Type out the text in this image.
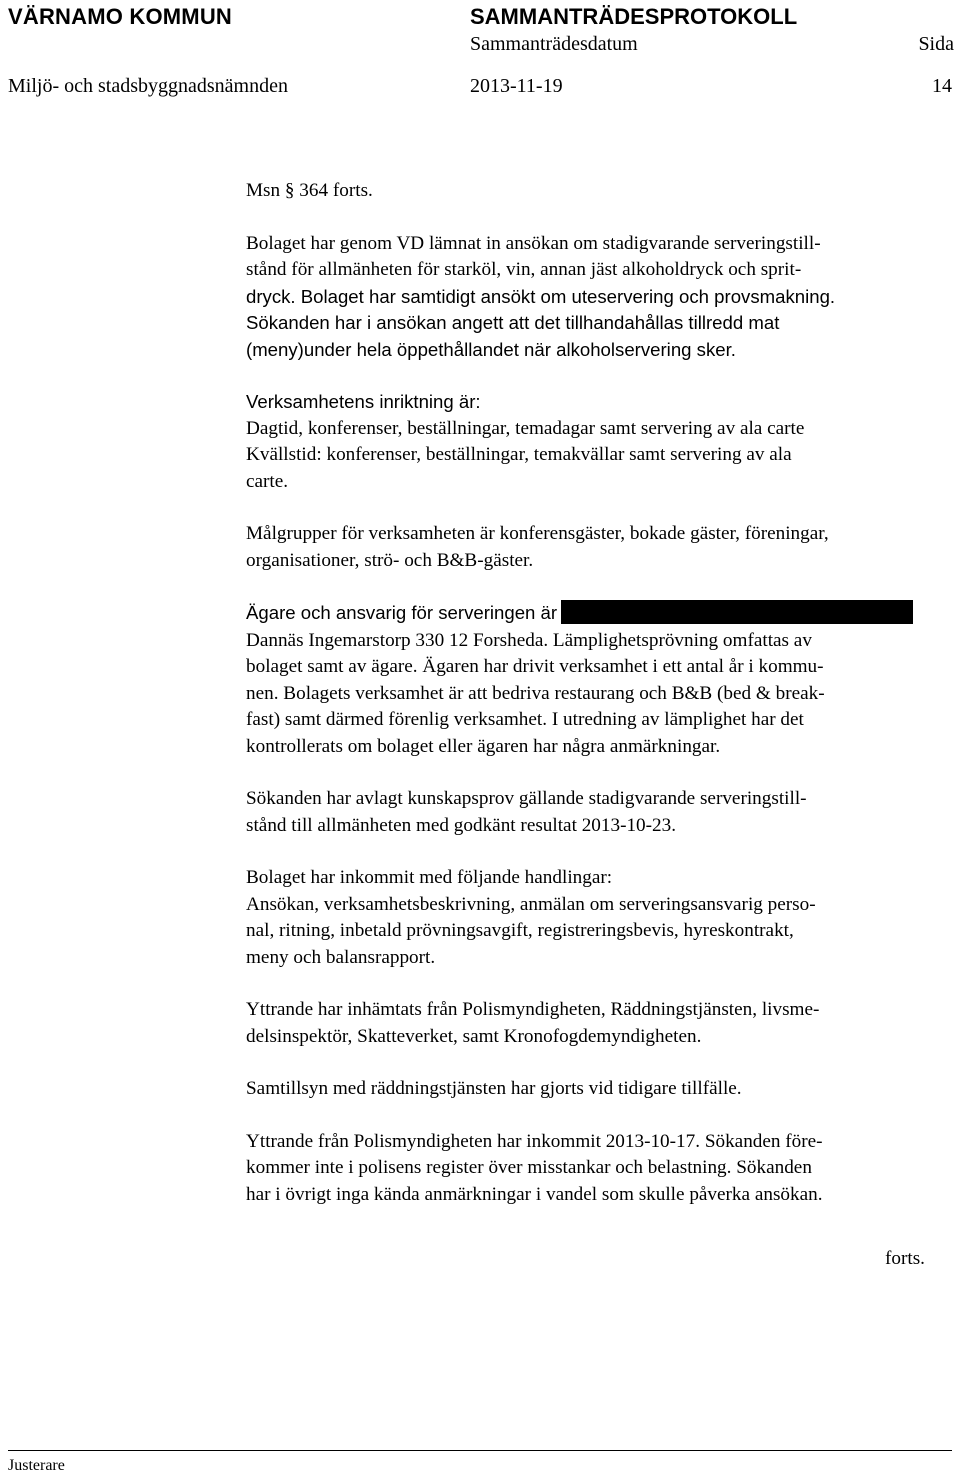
VÄRNAMO KOMMUN	SAMMANTRÄDESPROTOKOLL
Sammanträdesdatum	Sida
Miljö- och stadsbyggnadsnämnden	2013-11-19	14

Msn § 364 forts.

Bolaget har genom VD lämnat in ansökan om stadigvarande serveringstill-
stånd för allmänheten för starköl, vin, annan jäst alkoholdryck och sprit-
dryck. Bolaget har samtidigt ansökt om uteservering och provsmakning.
Sökanden har i ansökan angett att det tillhandahållas tillredd mat
(meny)under hela öppethållandet när alkoholservering sker.

Verksamhetens inriktning är:
Dagtid, konferenser, beställningar, temadagar samt servering av ala carte
Kvällstid: konferenser, beställningar, temakvällar samt servering av ala
carte.

Målgrupper för verksamheten är konferensgäster, bokade gäster, föreningar,
organisationer, strö- och B&B-gäster.

Ägare och ansvarig för serveringen är
Dannäs Ingemarstorp 330 12 Forsheda. Lämplighetsprövning omfattas av
bolaget samt av ägare. Ägaren har drivit verksamhet i ett antal år i kommu-
nen. Bolagets verksamhet är att bedriva restaurang och B&B (bed & break-
fast) samt därmed förenlig verksamhet. I utredning av lämplighet har det
kontrollerats om bolaget eller ägaren har några anmärkningar.

Sökanden har avlagt kunskapsprov gällande stadigvarande serveringstill-
stånd till allmänheten med godkänt resultat 2013-10-23.

Bolaget har inkommit med följande handlingar:
Ansökan, verksamhetsbeskrivning, anmälan om serveringsansvarig perso-
nal, ritning, inbetald prövningsavgift, registreringsbevis, hyreskontrakt,
meny och balansrapport.

Yttrande har inhämtats från Polismyndigheten, Räddningstjänsten, livsme-
delsinspektör, Skatteverket, samt Kronofogdemyndigheten.

Samtillsyn med räddningstjänsten har gjorts vid tidigare tillfälle.

Yttrande från Polismyndigheten har inkommit 2013-10-17. Sökanden före-
kommer inte i polisens register över misstankar och belastning. Sökanden
har i övrigt inga kända anmärkningar i vandel som skulle påverka ansökan.

forts.
Justerare
